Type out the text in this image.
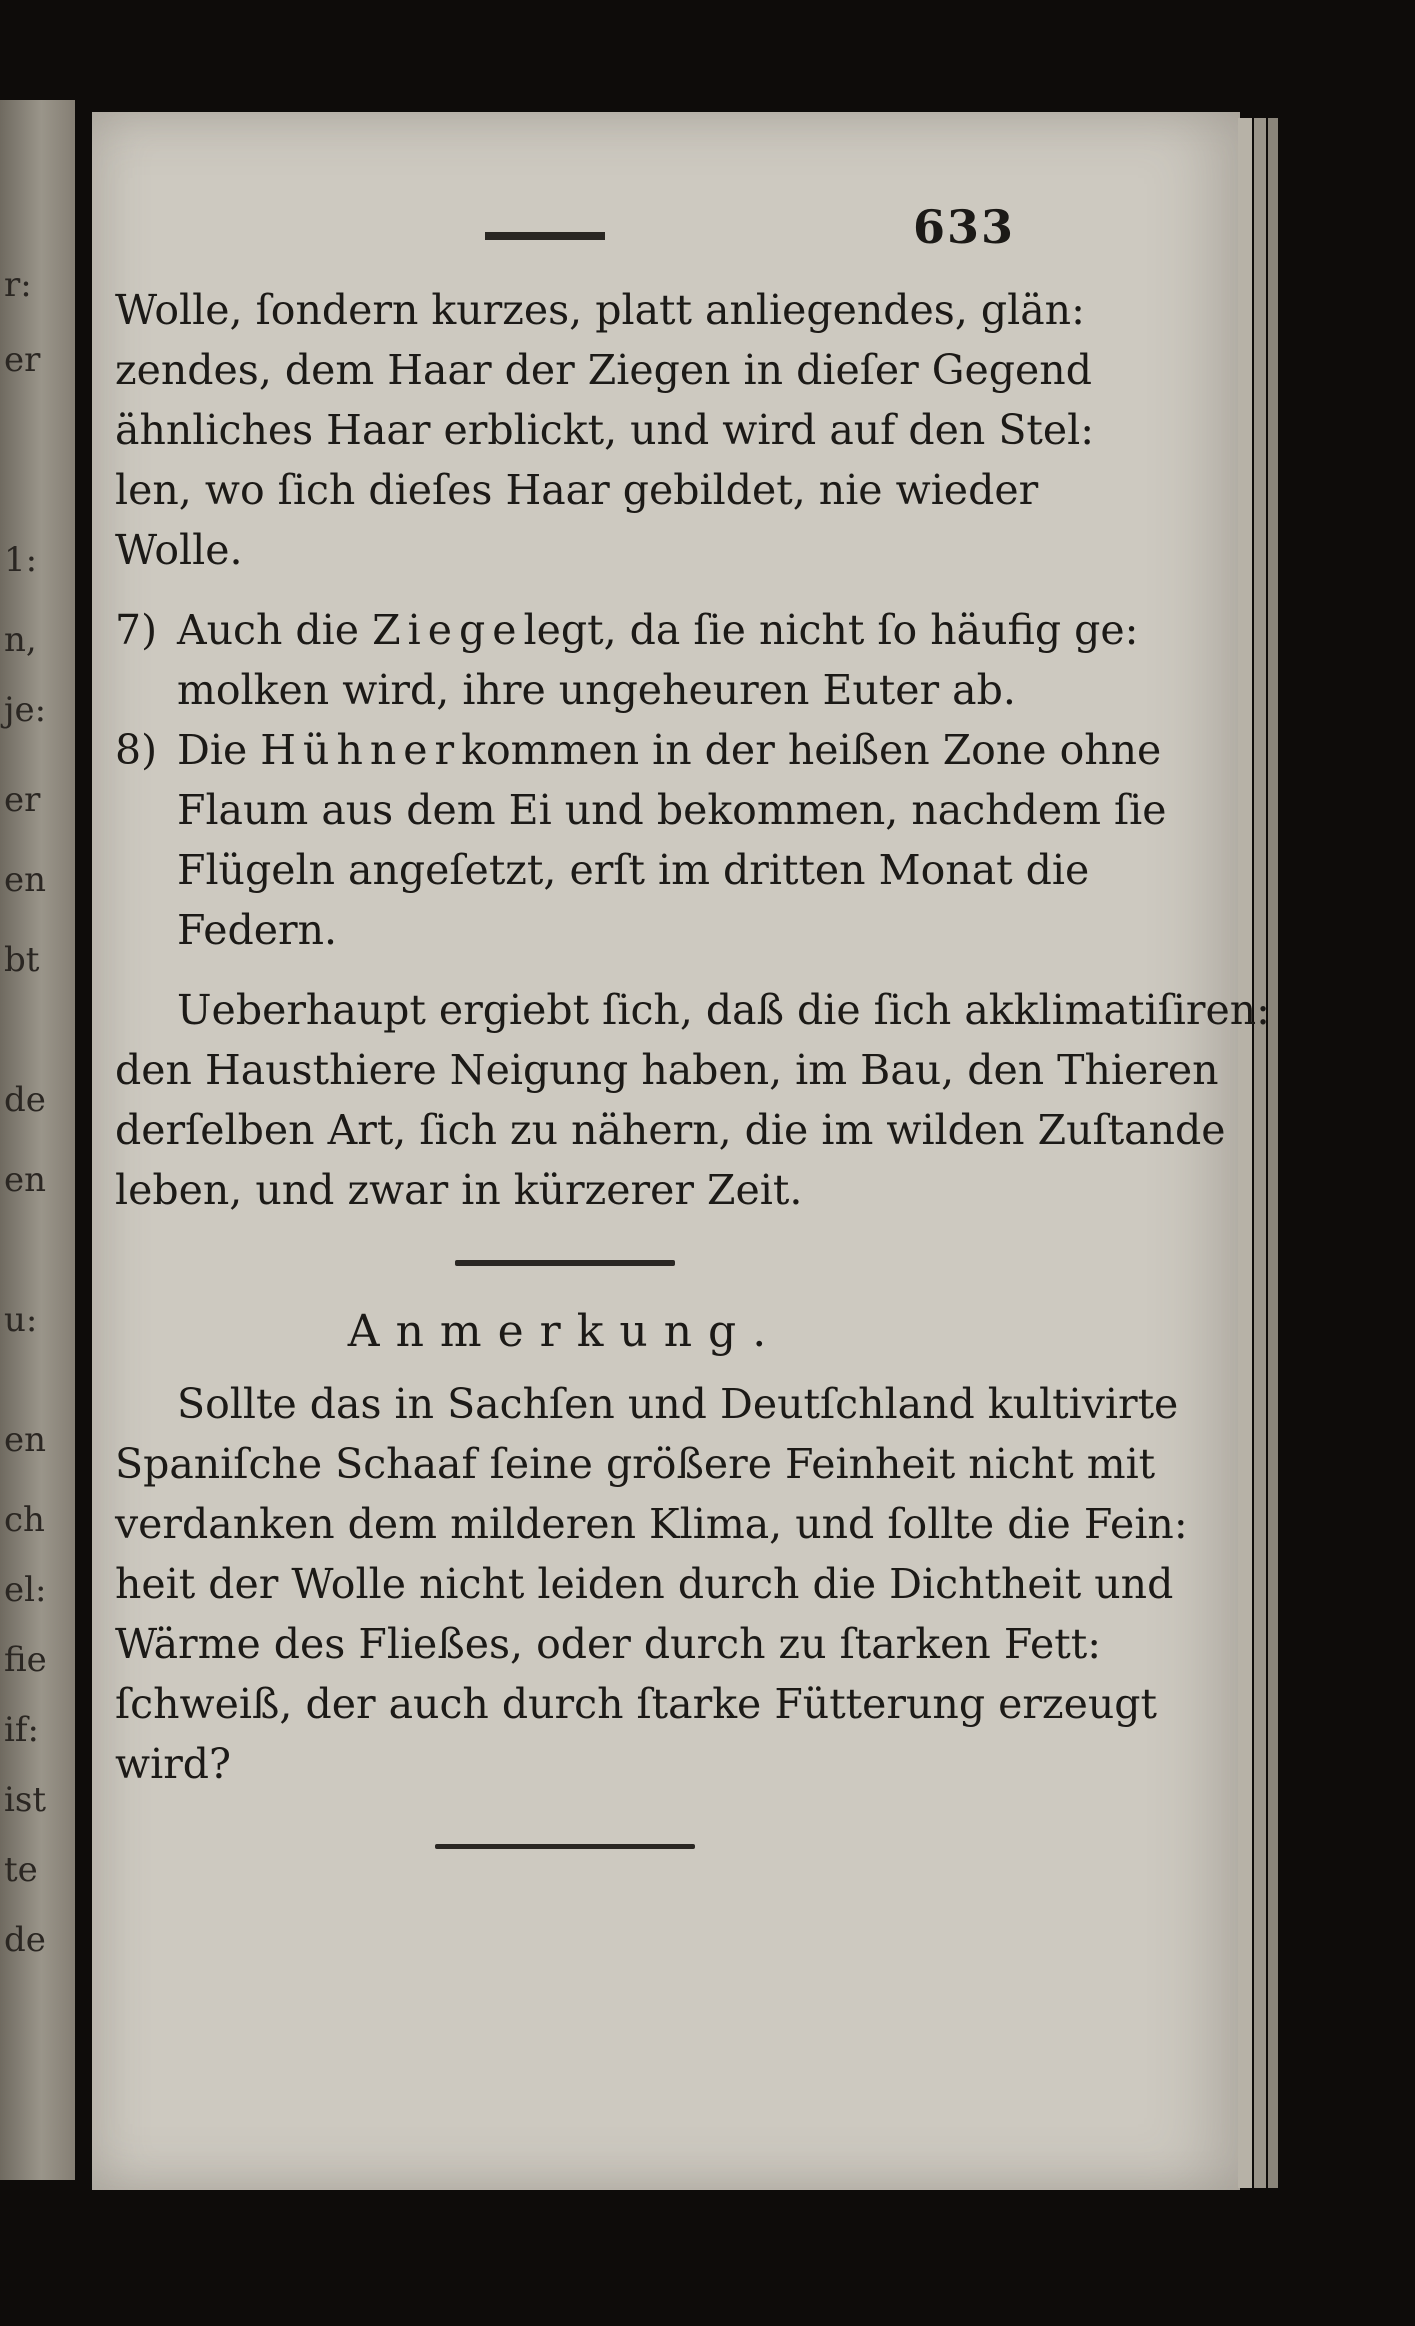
r:
er
1:
n,
je:
er
en
bt
de
en
u:
en
ch
el:
fie
if:
ist
te
de
633
Wolle, ſondern kurzes, platt anliegendes, glän:
zendes, dem Haar der Ziegen in dieſer Gegend
ähnliches Haar erblickt, und wird auf den Stel:
len, wo ſich dieſes Haar gebildet, nie wieder
Wolle.
7) Auch die Ziege legt, da ſie nicht ſo häufig ge:
molken wird, ihre ungeheuren Euter ab.
8) Die Hühner kommen in der heißen Zone ohne
Flaum aus dem Ei und bekommen, nachdem ſie
Flügeln angeſetzt, erſt im dritten Monat die
Federn.
Ueberhaupt ergiebt ſich, daß die ſich akklimatiſiren:
den Hausthiere Neigung haben, im Bau, den Thieren
derſelben Art, ſich zu nähern, die im wilden Zuſtande
leben, und zwar in kürzerer Zeit.
Anmerkung.
Sollte das in Sachſen und Deutſchland kultivirte
Spaniſche Schaaf ſeine größere Feinheit nicht mit
verdanken dem milderen Klima, und ſollte die Fein:
heit der Wolle nicht leiden durch die Dichtheit und
Wärme des Fließes, oder durch zu ſtarken Fett:
ſchweiß, der auch durch ſtarke Fütterung erzeugt
wird?
